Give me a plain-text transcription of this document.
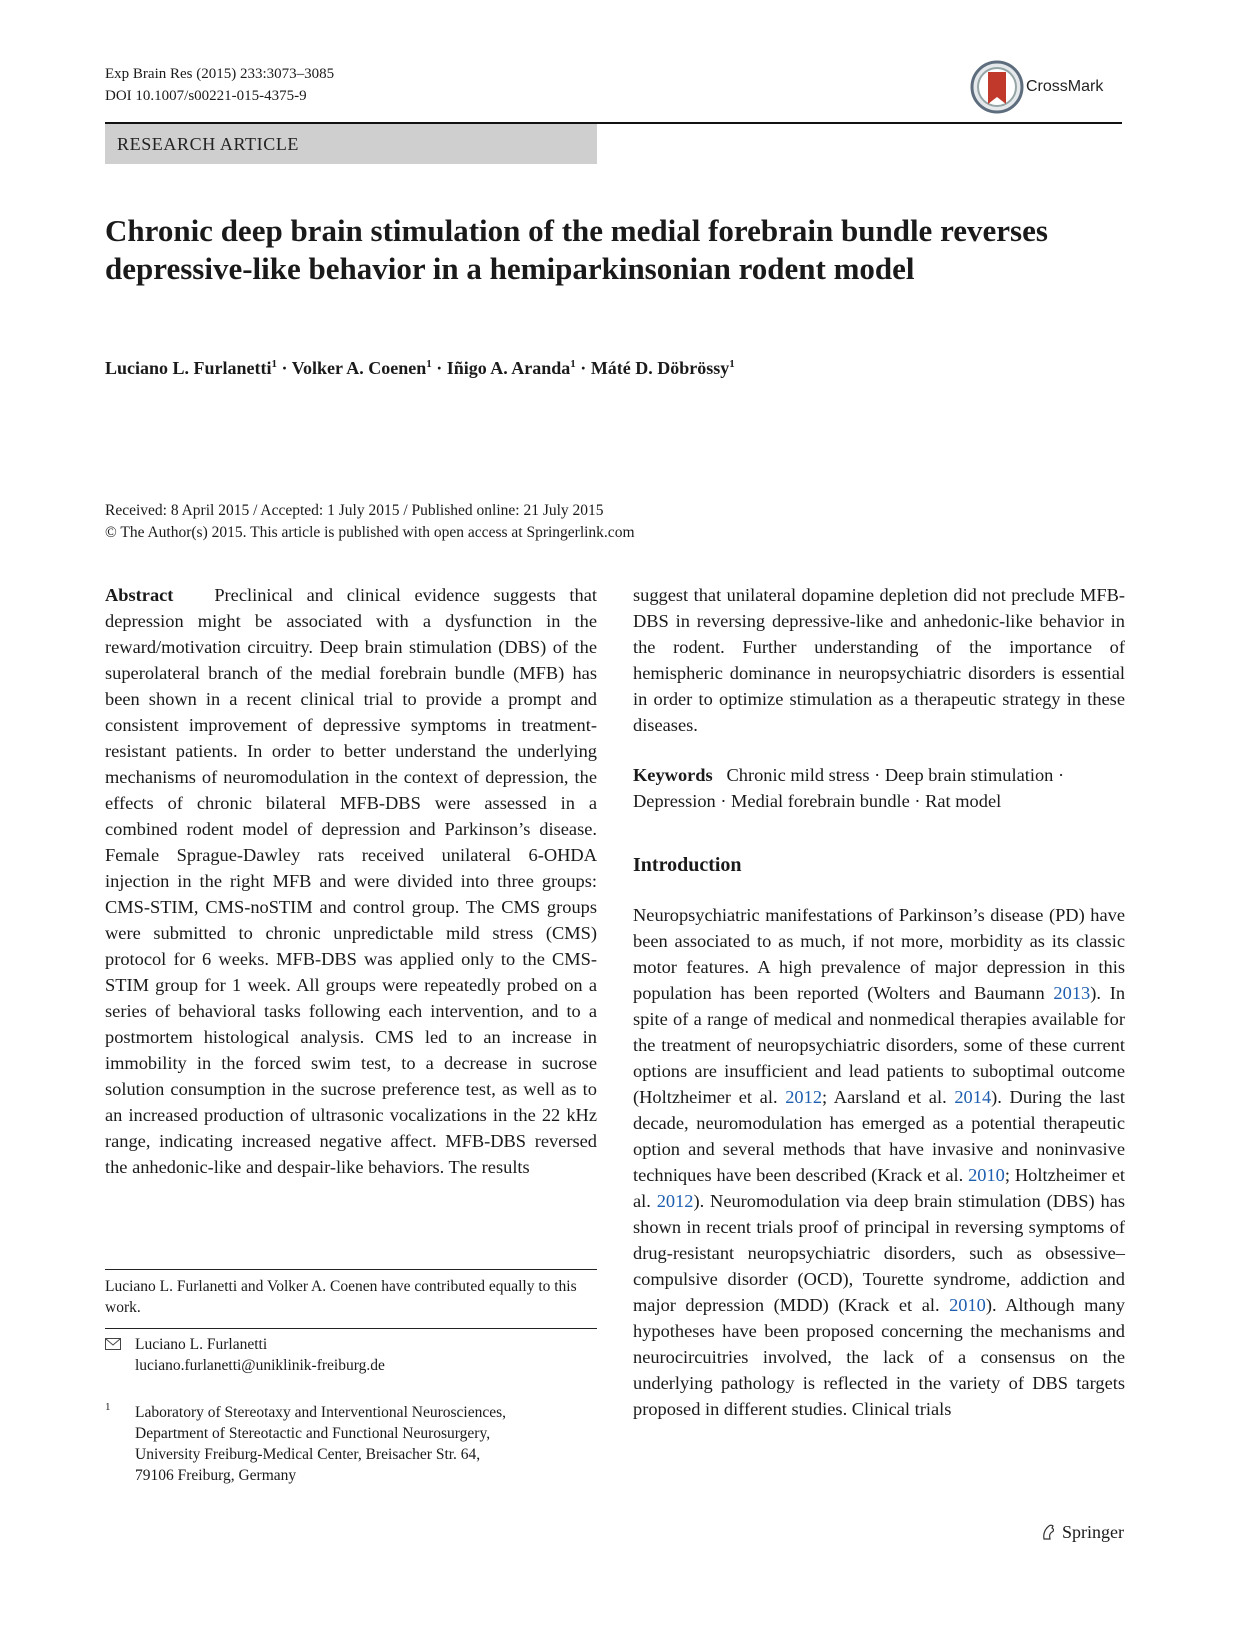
Exp Brain Res (2015) 233:3073–3085
DOI 10.1007/s00221-015-4375-9
CrossMark
RESEARCH ARTICLE
Chronic deep brain stimulation of the medial forebrain bundle reverses depressive-like behavior in a hemiparkinsonian rodent model
Luciano L. Furlanetti$^1$ · Volker A. Coenen$^1$ · Iñigo A. Aranda$^1$ · Máté D. Döbrössy$^1$
Received: 8 April 2015 / Accepted: 1 July 2015 / Published online: 21 July 2015
© The Author(s) 2015. This article is published with open access at Springerlink.com
Abstract Preclinical and clinical evidence suggests that depression might be associated with a dysfunction in the reward/motivation circuitry. Deep brain stimulation (DBS) of the superolateral branch of the medial forebrain bundle (MFB) has been shown in a recent clinical trial to provide a prompt and consistent improvement of depressive symptoms in treatment-resistant patients. In order to better understand the underlying mechanisms of neuromodulation in the context of depression, the effects of chronic bilateral MFB-DBS were assessed in a combined rodent model of depression and Parkinson’s disease. Female Sprague-Dawley rats received unilateral 6-OHDA injection in the right MFB and were divided into three groups: CMS-STIM, CMS-noSTIM and control group. The CMS groups were submitted to chronic unpredictable mild stress (CMS) protocol for 6 weeks. MFB-DBS was applied only to the CMS-STIM group for 1 week. All groups were repeatedly probed on a series of behavioral tasks following each intervention, and to a postmortem histological analysis. CMS led to an increase in immobility in the forced swim test, to a decrease in sucrose solution consumption in the sucrose preference test, as well as to an increased production of ultrasonic vocalizations in the 22 kHz range, indicating increased negative affect. MFB-DBS reversed the anhedonic-like and despair-like behaviors. The results
suggest that unilateral dopamine depletion did not preclude MFB-DBS in reversing depressive-like and anhedonic-like behavior in the rodent. Further understanding of the importance of hemispheric dominance in neuropsychiatric disorders is essential in order to optimize stimulation as a therapeutic strategy in these diseases.
Keywords Chronic mild stress · Deep brain stimulation · Depression · Medial forebrain bundle · Rat model
Introduction
Neuropsychiatric manifestations of Parkinson’s disease (PD) have been associated to as much, if not more, morbidity as its classic motor features. A high prevalence of major depression in this population has been reported (Wolters and Baumann 2013). In spite of a range of medical and nonmedical therapies available for the treatment of neuropsychiatric disorders, some of these current options are insufficient and lead patients to suboptimal outcome (Holtzheimer et al. 2012; Aarsland et al. 2014). During the last decade, neuromodulation has emerged as a potential therapeutic option and several methods that have invasive and noninvasive techniques have been described (Krack et al. 2010; Holtzheimer et al. 2012). Neuromodulation via deep brain stimulation (DBS) has shown in recent trials proof of principal in reversing symptoms of drug-resistant neuropsychiatric disorders, such as obsessive–compulsive disorder (OCD), Tourette syndrome, addiction and major depression (MDD) (Krack et al. 2010). Although many hypotheses have been proposed concerning the mechanisms and neurocircuitries involved, the lack of a consensus on the underlying pathology is reflected in the variety of DBS targets proposed in different studies. Clinical trials
Luciano L. Furlanetti and Volker A. Coenen have contributed equally to this work.
Luciano L. Furlanetti
luciano.furlanetti@uniklinik-freiburg.de
1 Laboratory of Stereotaxy and Interventional Neurosciences,
Department of Stereotactic and Functional Neurosurgery,
University Freiburg-Medical Center, Breisacher Str. 64,
79106 Freiburg, Germany
Springer
